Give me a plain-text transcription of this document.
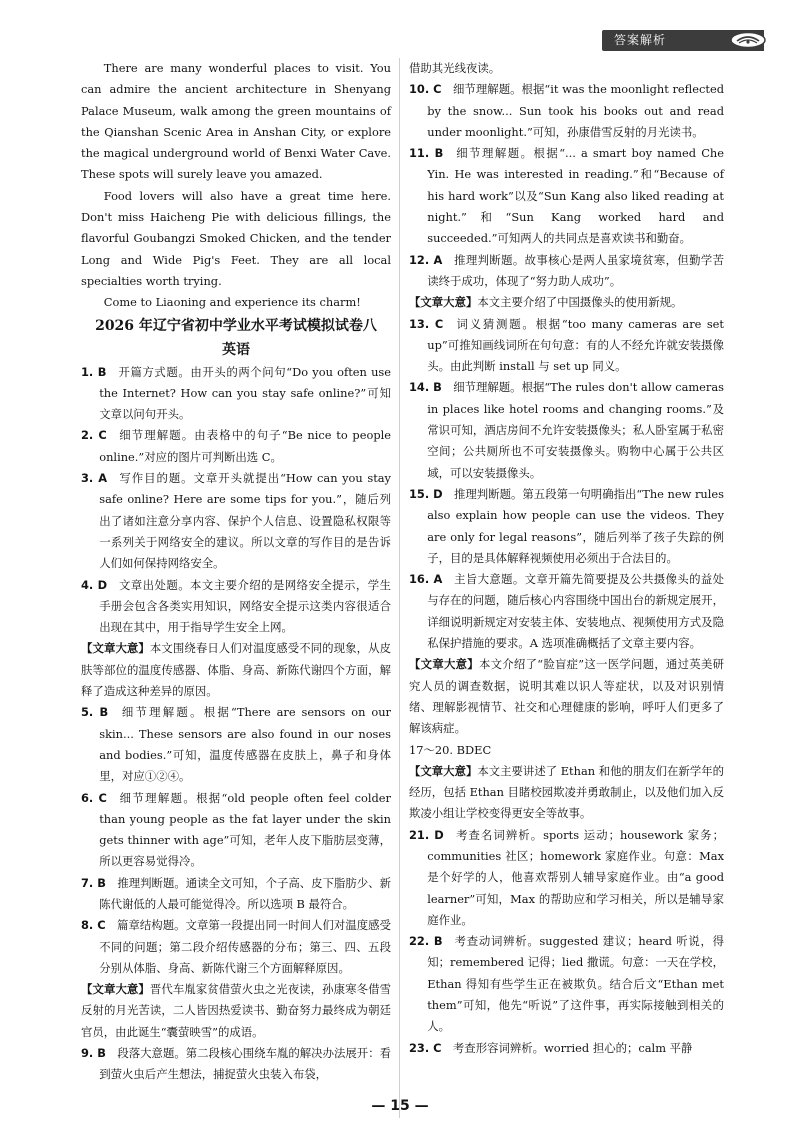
答案解析

There are many wonderful places to visit. You can admire the ancient architecture in Shenyang Palace Museum, walk among the green mountains of the Qianshan Scenic Area in Anshan City, or explore the magical underground world of Benxi Water Cave. These spots will surely leave you amazed.

Food lovers will also have a great time here. Don't miss Haicheng Pie with delicious fillings, the flavorful Goubangzi Smoked Chicken, and the tender Long and Wide Pig's Feet. They are all local specialties worth trying.

Come to Liaoning and experience its charm!

2026 年辽宁省初中学业水平考试模拟试卷八

英语

1. B  开篇方式题。由开头的两个问句“Do you often use the Internet? How can you stay safe online?”可知文章以问句开头。

2. C  细节理解题。由表格中的句子“Be nice to people online.”对应的图片可判断出选 C。

3. A  写作目的题。文章开头就提出“How can you stay safe online? Here are some tips for you.”，随后列出了诸如注意分享内容、保护个人信息、设置隐私权限等一系列关于网络安全的建议。所以文章的写作目的是告诉人们如何保持网络安全。

4. D  文章出处题。本文主要介绍的是网络安全提示，学生手册会包含各类实用知识，网络安全提示这类内容很适合出现在其中，用于指导学生安全上网。

【文章大意】本文围绕春日人们对温度感受不同的现象，从皮肤等部位的温度传感器、体脂、身高、新陈代谢四个方面，解释了造成这种差异的原因。

5. B  细节理解题。根据“There are sensors on our skin... These sensors are also found in our noses and bodies.”可知，温度传感器在皮肤上，鼻子和身体里，对应①②④。

6. C  细节理解题。根据“old people often feel colder than young people as the fat layer under the skin gets thinner with age”可知，老年人皮下脂肪层变薄，所以更容易觉得冷。

7. B  推理判断题。通读全文可知，个子高、皮下脂肪少、新陈代谢低的人最可能觉得冷。所以选项 B 最符合。

8. C  篇章结构题。文章第一段提出同一时间人们对温度感受不同的问题；第二段介绍传感器的分布；第三、四、五段分别从体脂、身高、新陈代谢三个方面解释原因。

【文章大意】晋代车胤家贫借萤火虫之光夜读，孙康寒冬借雪反射的月光苦读，二人皆因热爱读书、勤奋努力最终成为朝廷官员，由此诞生“囊萤映雪”的成语。

9. B  段落大意题。第二段核心围绕车胤的解决办法展开：看到萤火虫后产生想法，捕捉萤火虫装入布袋，

借助其光线夜读。

10. C  细节理解题。根据“it was the moonlight reflected by the snow... Sun took his books out and read under moonlight.”可知，孙康借雪反射的月光读书。

11. B  细节理解题。根据“... a smart boy named Che Yin. He was interested in reading.”和“Because of his hard work”以及“Sun Kang also liked reading at night.”和“Sun Kang worked hard and succeeded.”可知两人的共同点是喜欢读书和勤奋。

12. A  推理判断题。故事核心是两人虽家境贫寒，但勤学苦读终于成功，体现了“努力助人成功”。

【文章大意】本文主要介绍了中国摄像头的使用新规。

13. C  词义猜测题。根据“too many cameras are set up”可推知画线词所在句句意：有的人不经允许就安装摄像头。由此判断 install 与 set up 同义。

14. B  细节理解题。根据“The rules don't allow cameras in places like hotel rooms and changing rooms.”及常识可知，酒店房间不允许安装摄像头；私人卧室属于私密空间；公共厕所也不可安装摄像头。购物中心属于公共区域，可以安装摄像头。

15. D  推理判断题。第五段第一句明确指出“The new rules also explain how people can use the videos. They are only for legal reasons”，随后列举了孩子失踪的例子，目的是具体解释视频使用必须出于合法目的。

16. A  主旨大意题。文章开篇先简要提及公共摄像头的益处与存在的问题，随后核心内容围绕中国出台的新规定展开，详细说明新规定对安装主体、安装地点、视频使用方式及隐私保护措施的要求。A 选项准确概括了文章主要内容。

【文章大意】本文介绍了“脸盲症”这一医学问题，通过英美研究人员的调查数据，说明其难以识人等症状，以及对识别情绪、理解影视情节、社交和心理健康的影响，呼吁人们更多了解该病症。

17～20. BDEC

【文章大意】本文主要讲述了 Ethan 和他的朋友们在新学年的经历，包括 Ethan 目睹校园欺凌并勇敢制止，以及他们加入反欺凌小组让学校变得更安全等故事。

21. D  考查名词辨析。sports 运动；housework 家务；communities 社区；homework 家庭作业。句意：Max 是个好学的人，他喜欢帮别人辅导家庭作业。由“a good learner”可知，Max 的帮助应和学习相关，所以是辅导家庭作业。

22. B  考查动词辨析。suggested 建议；heard 听说，得知；remembered 记得；lied 撒谎。句意：一天在学校，Ethan 得知有些学生正在被欺负。结合后文“Ethan met them”可知，他先“听说”了这件事，再实际接触到相关的人。

23. C  考查形容词辨析。worried 担心的；calm 平静

— 15 —
